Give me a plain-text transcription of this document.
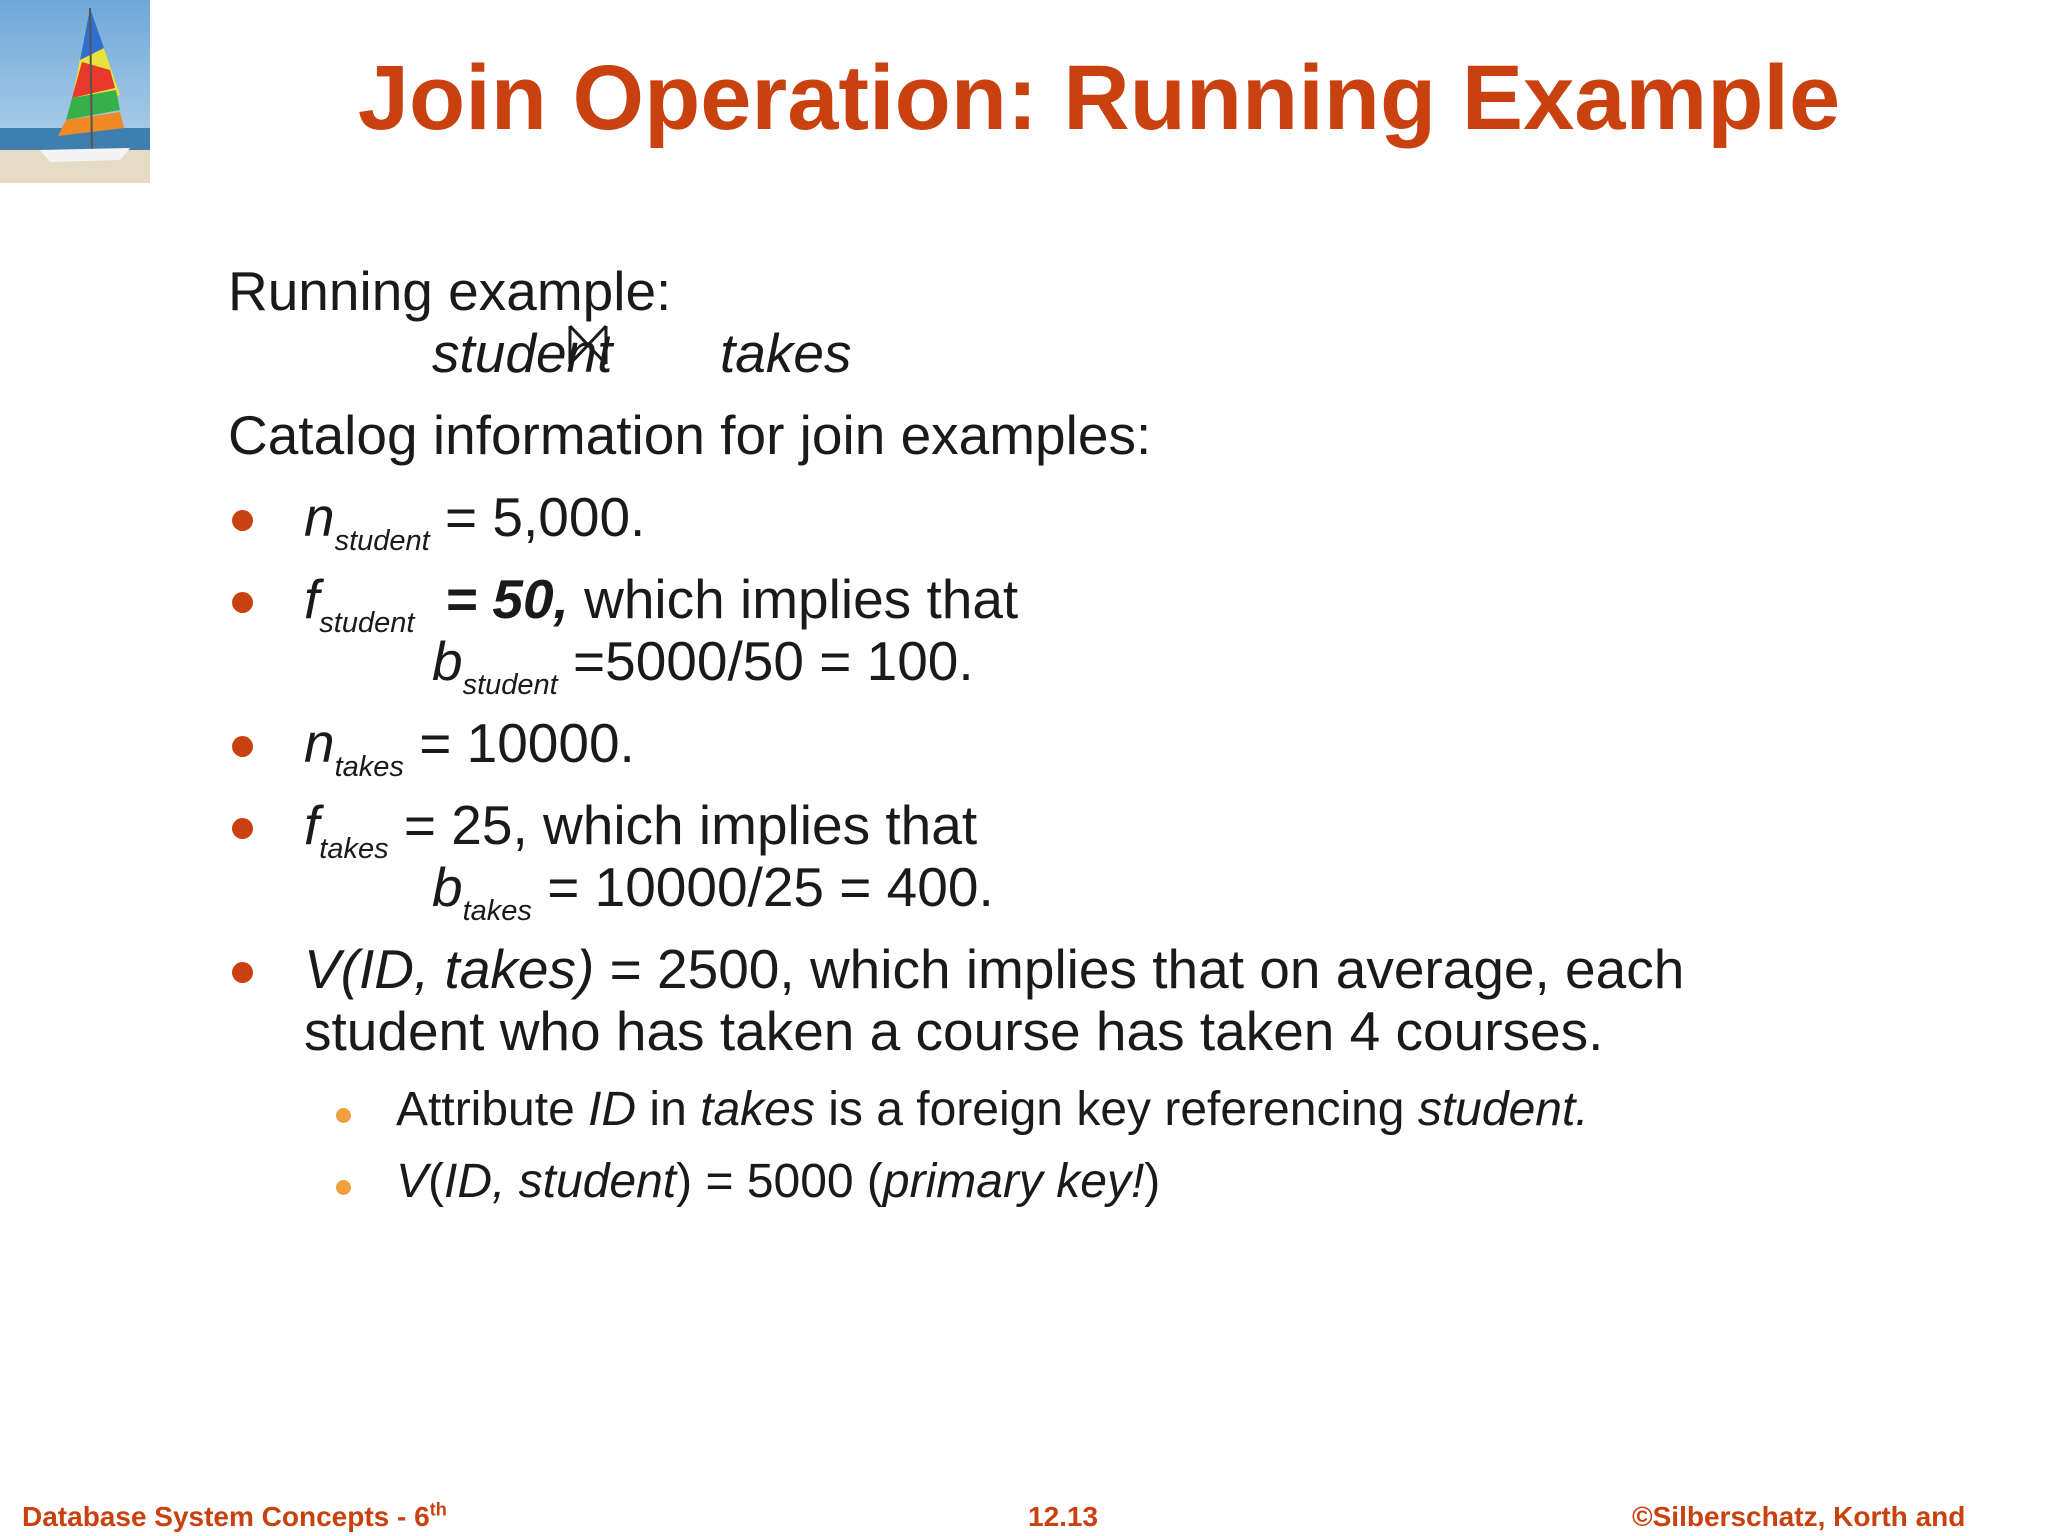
Join Operation: Running Example
Running example:
student takes
Catalog information for join examples:
$n_{student} = 5,000$.
$f_{student} = 50$, which implies that
$b_{student} =5000/50 = 100$.
$n_{takes} = 10000$.
$f_{takes} = 25$, which implies that
$b_{takes} = 10000/25 = 400$.
V(ID, takes) = 2500, which implies that on average, each
student who has taken a course has taken 4 courses.
Attribute ID in takes is a foreign key referencing student.
V(ID, student) = 5000 (primary key!)
Database System Concepts - 6th	12.13	©Silberschatz, Korth and
